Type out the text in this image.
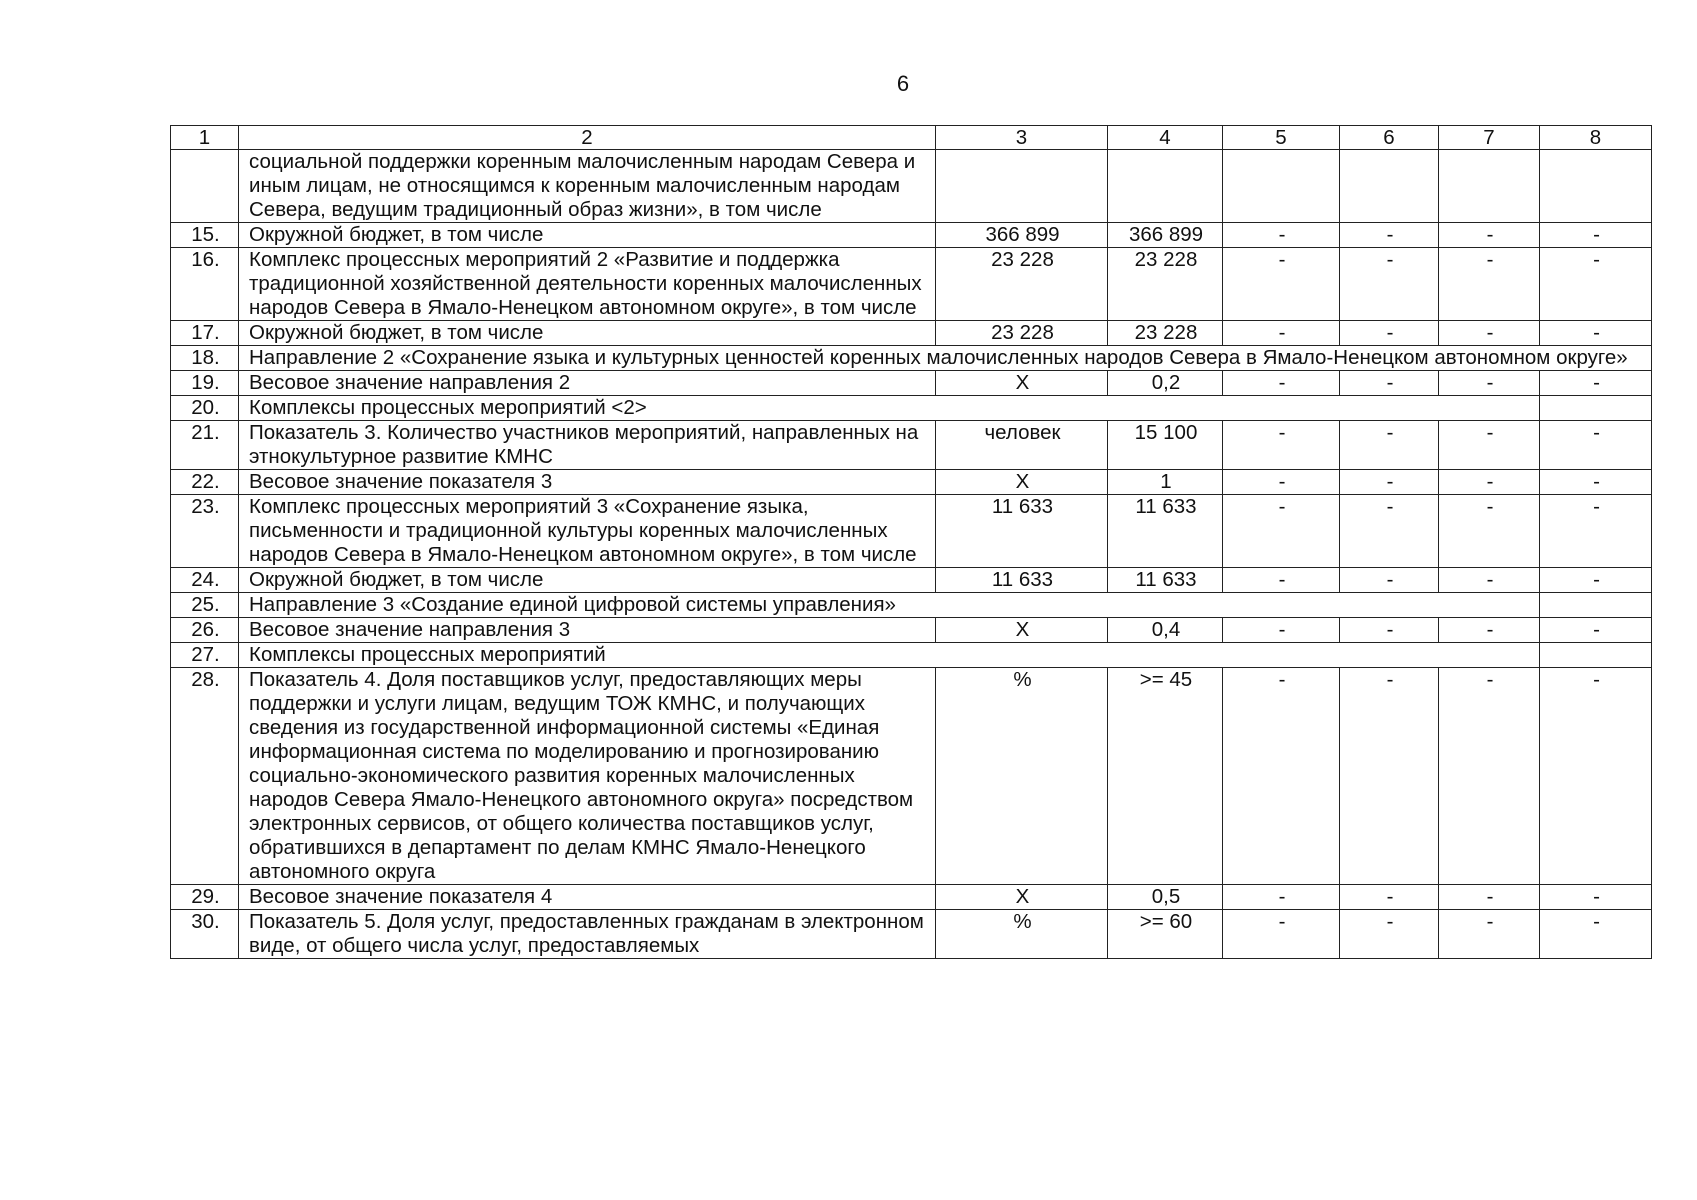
6
1	2	3	4	5	6	7	8
	социальной поддержки коренным малочисленным народам Севера и иным лицам, не относящимся к коренным малочисленным народам Севера, ведущим традиционный образ жизни», в том числе						
15.	Окружной бюджет, в том числе	366 899	366 899	-	-	-	-
16.	Комплекс процессных мероприятий 2 «Развитие и поддержка традиционной хозяйственной деятельности коренных малочисленных народов Севера в Ямало-Ненецком автономном округе», в том числе	23 228	23 228	-	-	-	-
17.	Окружной бюджет, в том числе	23 228	23 228	-	-	-	-
18.	Направление 2 «Сохранение языка и культурных ценностей коренных малочисленных народов Севера в Ямало-Ненецком автономном округе»						
19.	Весовое значение направления 2	X	0,2	-	-	-	-
20.	Комплексы процессных мероприятий <2>						
21.	Показатель 3. Количество участников мероприятий, направленных на этнокультурное развитие КМНС	человек	15 100	-	-	-	-
22.	Весовое значение показателя 3	X	1	-	-	-	-
23.	Комплекс процессных мероприятий 3 «Сохранение языка, письменности и традиционной культуры коренных малочисленных народов Севера в Ямало-Ненецком автономном округе», в том числе	11 633	11 633	-	-	-	-
24.	Окружной бюджет, в том числе	11 633	11 633	-	-	-	-
25.	Направление 3 «Создание единой цифровой системы управления»						
26.	Весовое значение направления 3	X	0,4	-	-	-	-
27.	Комплексы процессных мероприятий						
28.	Показатель 4. Доля поставщиков услуг, предоставляющих меры поддержки и услуги лицам, ведущим ТОЖ КМНС, и получающих сведения из государственной информационной системы «Единая информационная система по моделированию и прогнозированию социально-экономического развития коренных малочисленных народов Севера Ямало-Ненецкого автономного округа» посредством электронных сервисов, от общего количества поставщиков услуг, обратившихся в департамент по делам КМНС Ямало-Ненецкого автономного округа	%	>= 45	-	-	-	-
29.	Весовое значение показателя 4	X	0,5	-	-	-	-
30.	Показатель 5. Доля услуг, предоставленных гражданам в электронном виде, от общего числа услуг, предоставляемых	%	>= 60	-	-	-	-
